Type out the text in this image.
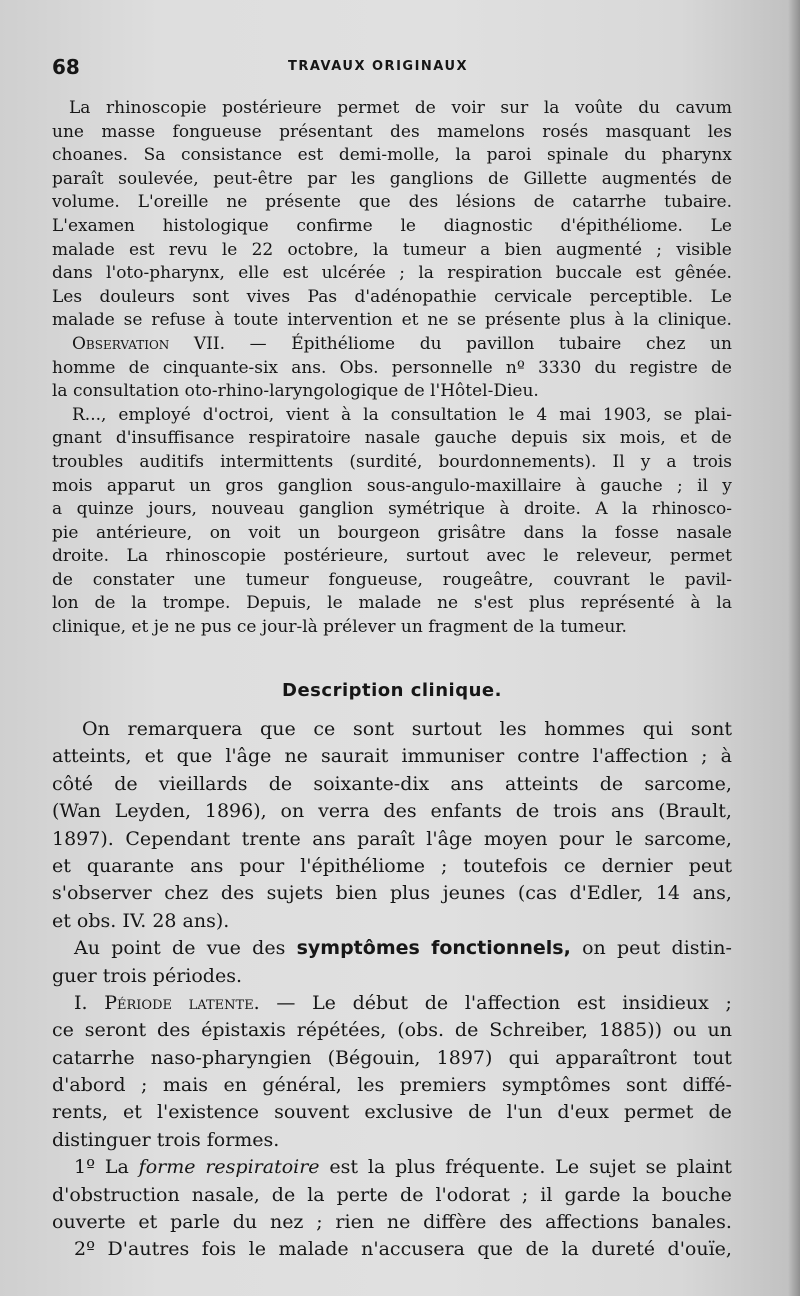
68	TRAVAUX ORIGINAUX
La rhinoscopie postérieure permet de voir sur la voûte du cavum
une masse fongueuse présentant des mamelons rosés masquant les
choanes. Sa consistance est demi-molle, la paroi spinale du pharynx
paraît soulevée, peut-être par les ganglions de Gillette augmentés de
volume. L'oreille ne présente que des lésions de catarrhe tubaire.
L'examen histologique confirme le diagnostic d'épithéliome. Le
malade est revu le 22 octobre, la tumeur a bien augmenté ; visible
dans l'oto-pharynx, elle est ulcérée ; la respiration buccale est gênée.
Les douleurs sont vives Pas d'adénopathie cervicale perceptible. Le
malade se refuse à toute intervention et ne se présente plus à la clinique.
Observation VII. — Épithéliome du pavillon tubaire chez un
homme de cinquante-six ans. Obs. personnelle nº 3330 du registre de
la consultation oto-rhino-laryngologique de l'Hôtel-Dieu.
R..., employé d'octroi, vient à la consultation le 4 mai 1903, se plai-
gnant d'insuffisance respiratoire nasale gauche depuis six mois, et de
troubles auditifs intermittents (surdité, bourdonnements). Il y a trois
mois apparut un gros ganglion sous-angulo-maxillaire à gauche ; il y
a quinze jours, nouveau ganglion symétrique à droite. A la rhinosco-
pie antérieure, on voit un bourgeon grisâtre dans la fosse nasale
droite. La rhinoscopie postérieure, surtout avec le releveur, permet
de constater une tumeur fongueuse, rougeâtre, couvrant le pavil-
lon de la trompe. Depuis, le malade ne s'est plus représenté à la
clinique, et je ne pus ce jour-là prélever un fragment de la tumeur.
Description clinique.
On remarquera que ce sont surtout les hommes qui sont
atteints, et que l'âge ne saurait immuniser contre l'affection ; à
côté de vieillards de soixante-dix ans atteints de sarcome,
(Wan Leyden, 1896), on verra des enfants de trois ans (Brault,
1897). Cependant trente ans paraît l'âge moyen pour le sarcome,
et quarante ans pour l'épithéliome ; toutefois ce dernier peut
s'observer chez des sujets bien plus jeunes (cas d'Edler, 14 ans,
et obs. IV. 28 ans).
Au point de vue des symptômes fonctionnels, on peut distin-
guer trois périodes.
I. Période latente. — Le début de l'affection est insidieux ;
ce seront des épistaxis répétées, (obs. de Schreiber, 1885)) ou un
catarrhe naso-pharyngien (Bégouin, 1897) qui apparaîtront tout
d'abord ; mais en général, les premiers symptômes sont diffé-
rents, et l'existence souvent exclusive de l'un d'eux permet de
distinguer trois formes.
1º La forme respiratoire est la plus fréquente. Le sujet se plaint
d'obstruction nasale, de la perte de l'odorat ; il garde la bouche
ouverte et parle du nez ; rien ne diffère des affections banales.
2º D'autres fois le malade n'accusera que de la dureté d'ouïe,
